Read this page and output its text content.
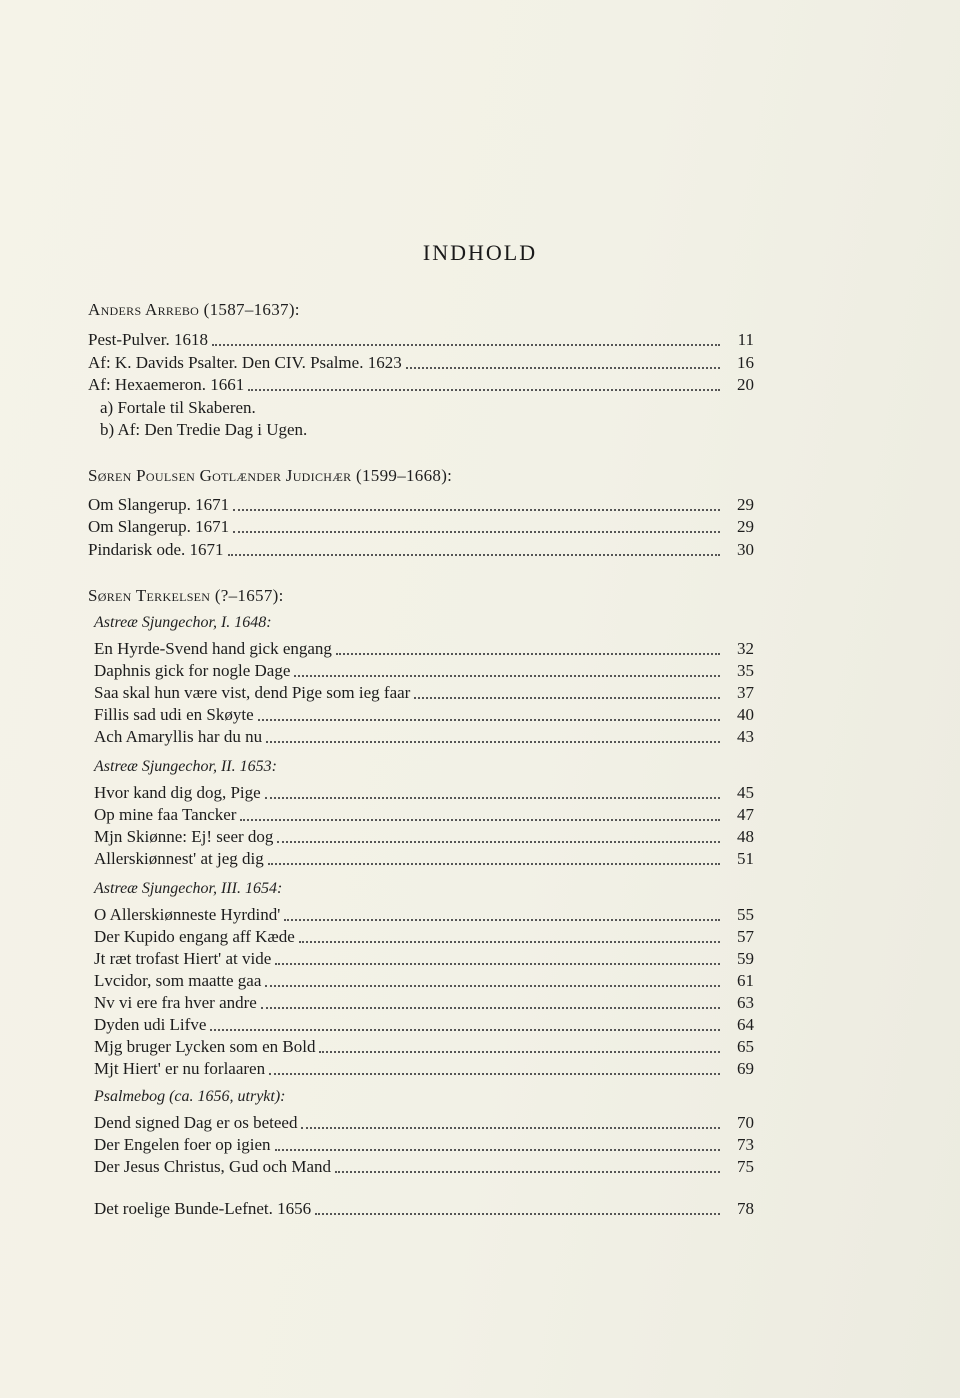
INDHOLD
Anders Arrebo (1587–1637):
Pest-Pulver. 1618	11
Af: K. Davids Psalter. Den CIV. Psalme. 1623	16
Af: Hexaemeron. 1661	20
a) Fortale til Skaberen.
b) Af: Den Tredie Dag i Ugen.
Søren Poulsen Gotlænder Judichær (1599–1668):
Om Slangerup. 1671	29
Om Slangerup. 1671	29
Pindarisk ode. 1671	30
Søren Terkelsen (?–1657):
Astreæ Sjungechor, I. 1648:
En Hyrde-Svend hand gick engang	32
Daphnis gick for nogle Dage	35
Saa skal hun være vist, dend Pige som ieg faar	37
Fillis sad udi en Skøyte	40
Ach Amaryllis har du nu	43
Astreæ Sjungechor, II. 1653:
Hvor kand dig dog, Pige	45
Op mine faa Tancker	47
Mjn Skiønne: Ej! seer dog	48
Allerskiønnest' at jeg dig	51
Astreæ Sjungechor, III. 1654:
O Allerskiønneste Hyrdind'	55
Der Kupido engang aff Kæde	57
Jt ræt trofast Hiert' at vide	59
Lvcidor, som maatte gaa	61
Nv vi ere fra hver andre	63
Dyden udi Lifve	64
Mjg bruger Lycken som en Bold	65
Mjt Hiert' er nu forlaaren	69
Psalmebog (ca. 1656, utrykt):
Dend signed Dag er os beteed	70
Der Engelen foer op igien	73
Der Jesus Christus, Gud och Mand	75
Det roelige Bunde-Lefnet. 1656	78
